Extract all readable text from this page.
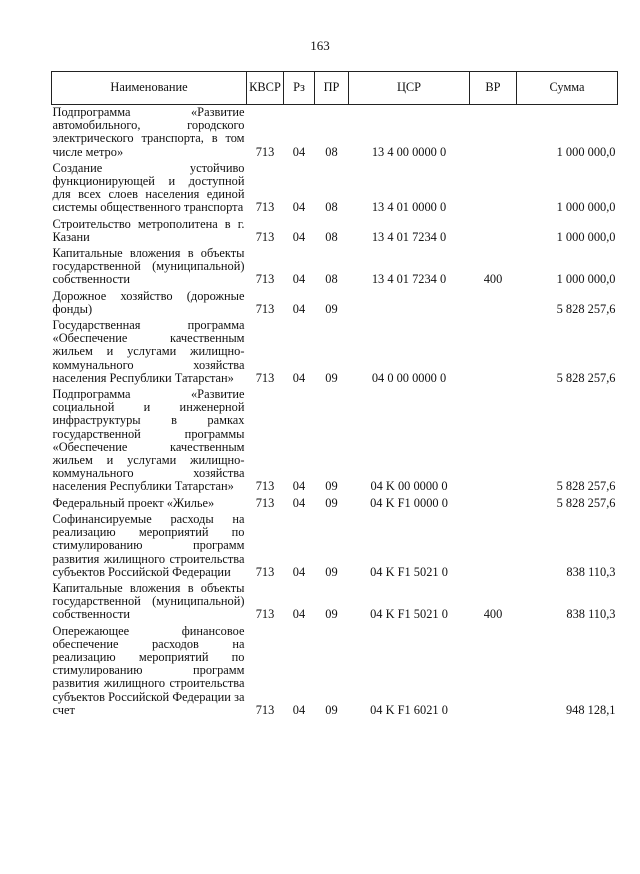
163
Наименование	КВСР	Рз	ПР	ЦСР	ВР	Сумма
Подпрограмма «Развитие автомобильного, городского электрического транспорта, в том числе метро»	713	04	08	13 4 00 0000 0		1 000 000,0
Создание устойчиво функционирующей и доступной для всех слоев населения единой системы общественного транспорта	713	04	08	13 4 01 0000 0		1 000 000,0
Строительство метрополитена в г. Казани	713	04	08	13 4 01 7234 0		1 000 000,0
Капитальные вложения в объекты государственной (муниципальной) собственности	713	04	08	13 4 01 7234 0	400	1 000 000,0
Дорожное хозяйство (дорожные фонды)	713	04	09			5 828 257,6
Государственная программа «Обеспечение качественным жильем и услугами жилищно-коммунального хозяйства населения Республики Татарстан»	713	04	09	04 0 00 0000 0		5 828 257,6
Подпрограмма «Развитие социальной и инженерной инфраструктуры в рамках государственной программы «Обеспечение качественным жильем и услугами жилищно-коммунального хозяйства населения Республики Татарстан»	713	04	09	04 K 00 0000 0		5 828 257,6
Федеральный проект «Жилье»	713	04	09	04 K F1 0000 0		5 828 257,6
Софинансируемые расходы на реализацию мероприятий по стимулированию программ развития жилищного строительства субъектов Российской Федерации	713	04	09	04 K F1 5021 0		838 110,3
Капитальные вложения в объекты государственной (муниципальной) собственности	713	04	09	04 K F1 5021 0	400	838 110,3
Опережающее финансовое обеспечение расходов на реализацию мероприятий по стимулированию программ развития жилищного строительства субъектов Российской Федерации за счет	713	04	09	04 K F1 6021 0		948 128,1
